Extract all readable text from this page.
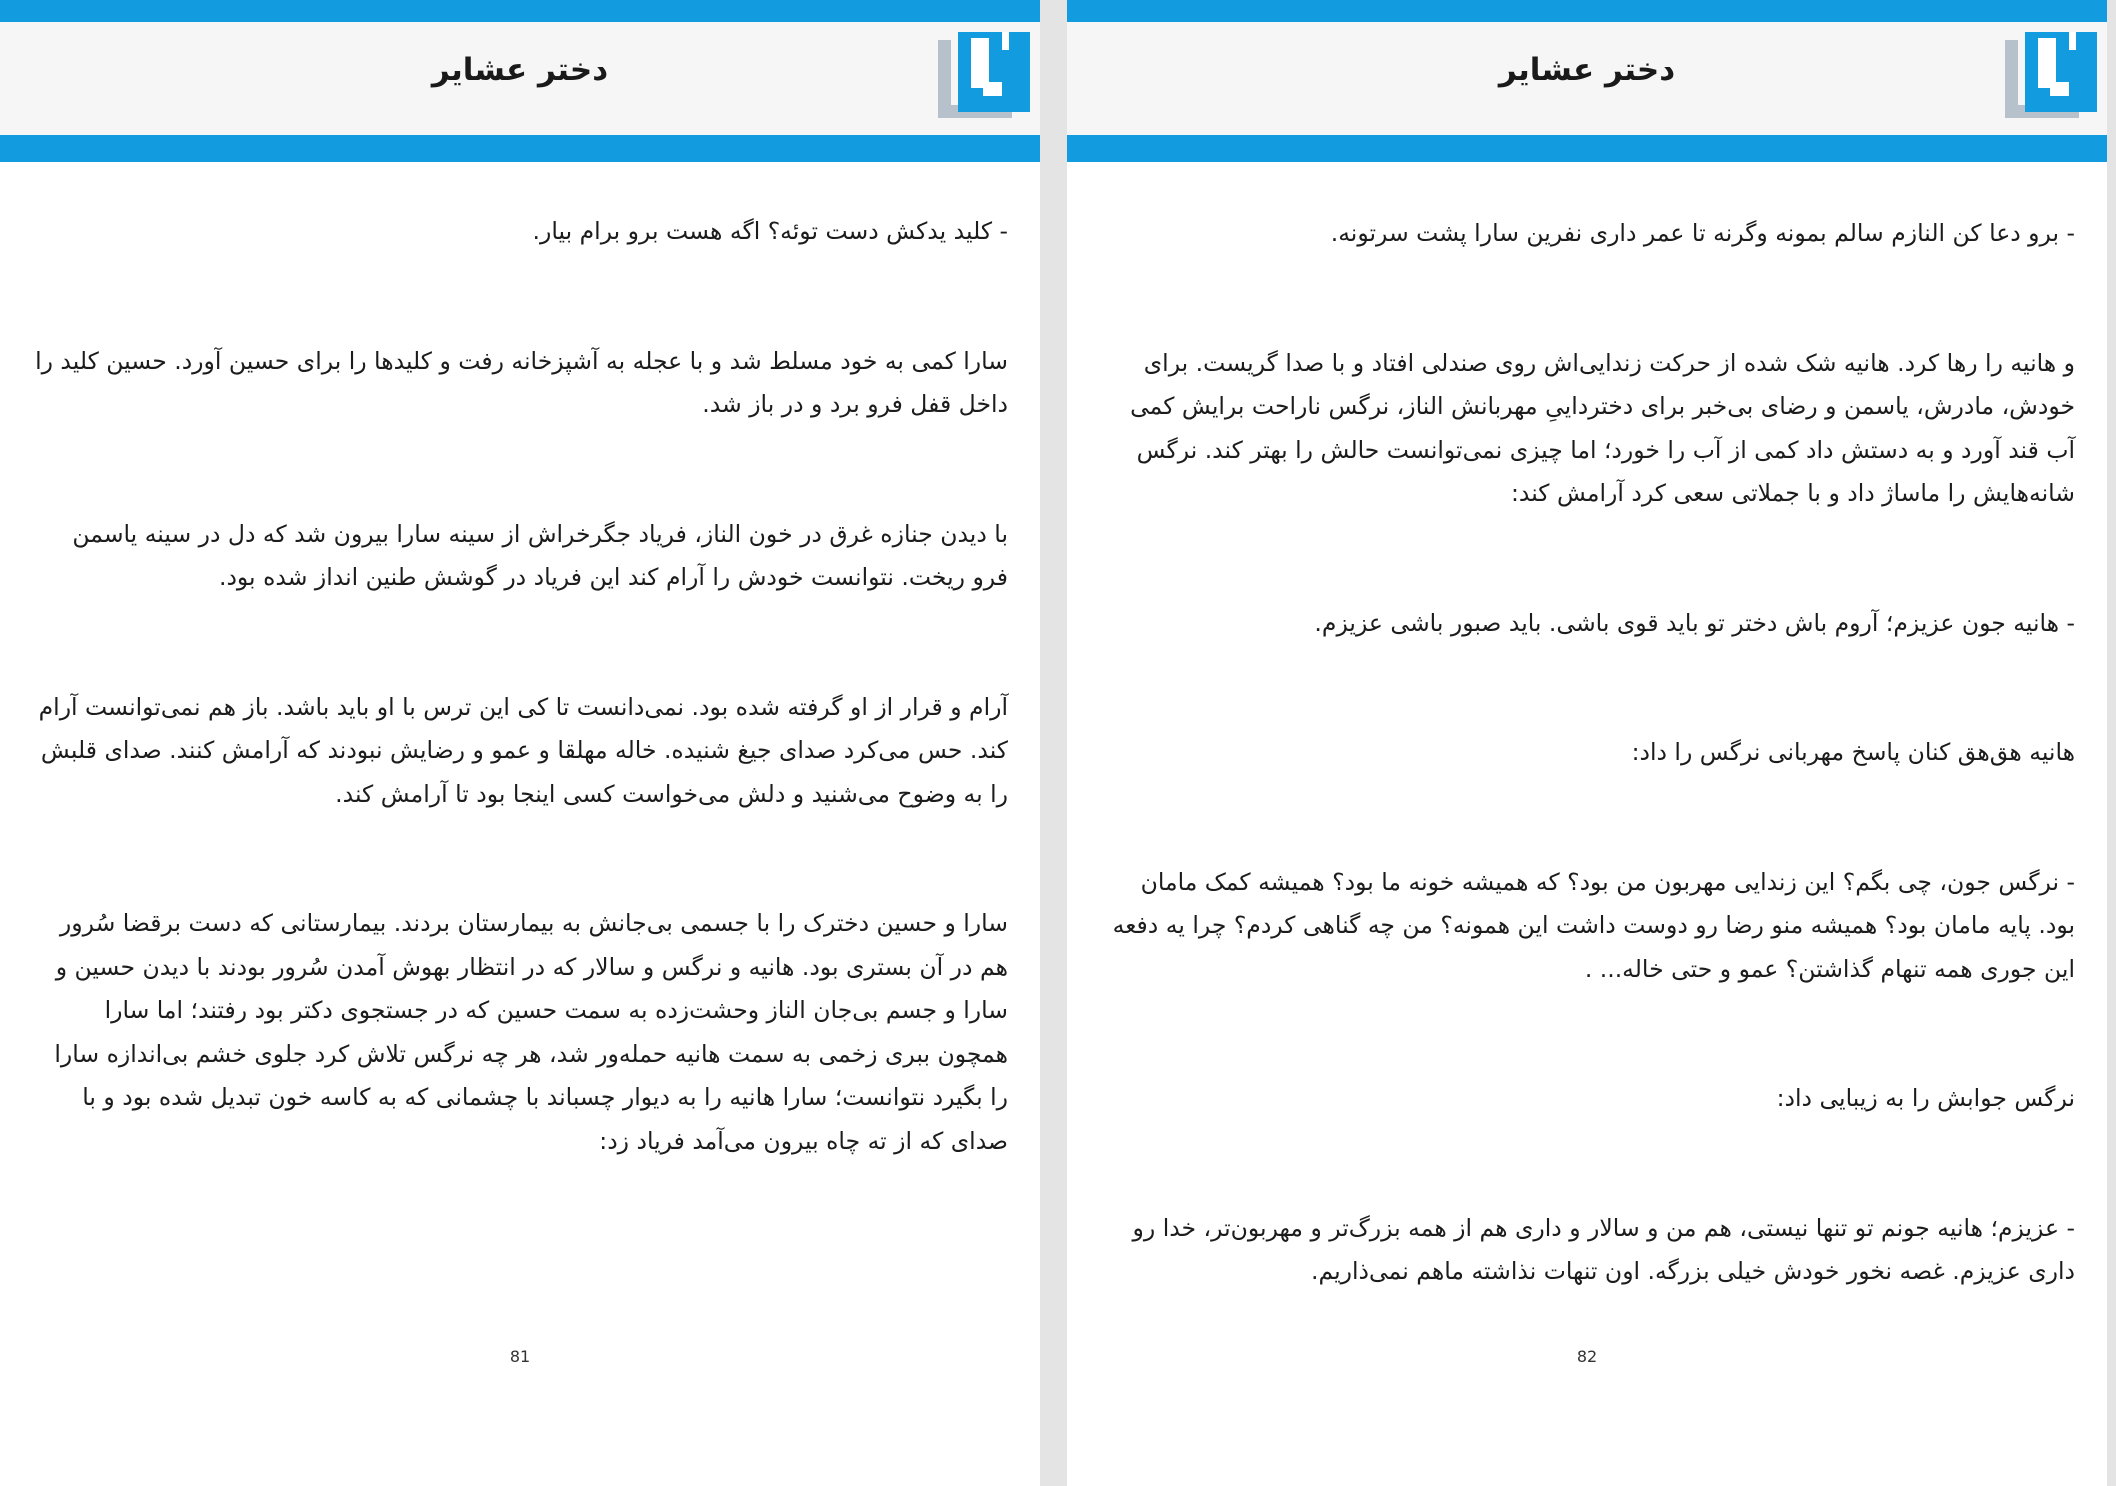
دختر عشایر

- کلید یدکش دست توئه؟ اگه هست برو برام بیار.

سارا کمی به خود مسلط شد و با عجله به آشپزخانه رفت و کلیدها را برای حسین آورد. حسین کلید را داخل قفل فرو برد و در باز شد.

با دیدن جنازه غرق در خون الناز، فریاد جگرخراش از سینه سارا بیرون شد که دل در سینه یاسمن فرو ریخت. نتوانست خودش را آرام کند این فریاد در گوشش طنین انداز شده بود.

آرام و قرار از او گرفته شده بود. نمی‌دانست تا کی این ترس با او باید باشد. باز هم نمی‌توانست آرام کند. حس می‌کرد صدای جیغ شنیده. خاله مهلقا و عمو و رضایش نبودند که آرامش کنند. صدای قلبش را به وضوح می‌شنید و دلش می‌خواست کسی اینجا بود تا آرامش کند.

سارا و حسین دخترک را با جسمی بی‌جانش به بیمارستان بردند. بیمارستانی که دست برقضا سُرور هم در آن بستری بود. هانیه و نرگس و سالار که در انتظار بهوش آمدن سُرور بودند با دیدن حسین و سارا و جسم بی‌جان الناز وحشت‌زده به سمت حسین که در جستجوی دکتر بود رفتند؛ اما سارا همچون ببری زخمی به سمت هانیه حمله‌ور شد، هر چه نرگس تلاش کرد جلوی خشم بی‌اندازه سارا را بگیرد نتوانست؛ سارا هانیه را به دیوار چسباند با چشمانی که به کاسه خون تبدیل شده بود و با صدای که از ته چاه بیرون می‌آمد فریاد زد:

81
دختر عشایر

- برو دعا کن النازم سالم بمونه وگرنه تا عمر داری نفرین سارا پشت سرتونه.

و هانیه را رها کرد. هانیه شک شده از حرکت زندایی‌اش روی صندلی افتاد و با صدا گریست. برای خودش، مادرش، یاسمن و رضای بی‌خبر برای دخترداییِ مهربانش الناز، نرگس ناراحت برایش کمی آب قند آورد و به دستش داد کمی از آب را خورد؛ اما چیزی نمی‌توانست حالش را بهتر کند. نرگس شانه‌هایش را ماساژ داد و با جملاتی سعی کرد آرامش کند:

- هانیه جون عزیزم؛ آروم باش دختر تو باید قوی باشی. باید صبور باشی عزیزم.

هانیه هق‌هق کنان پاسخ مهربانی نرگس را داد:

- نرگس جون، چی بگم؟ این زندایی مهربون من بود؟ که همیشه خونه ما بود؟ همیشه کمک مامان بود. پایه مامان بود؟ همیشه منو رضا رو دوست داشت این همونه؟ من چه گناهی کردم؟ چرا یه دفعه این جوری همه تنهام گذاشتن؟ عمو و حتی خاله... .

نرگس جوابش را به زیبایی داد:

- عزیزم؛ هانیه جونم تو تنها نیستی، هم من و سالار و داری هم از همه بزرگ‌تر و مهربون‌تر، خدا رو داری عزیزم. غصه نخور خودش خیلی بزرگه. اون تنهات نذاشته ماهم نمی‌ذاریم.

82
